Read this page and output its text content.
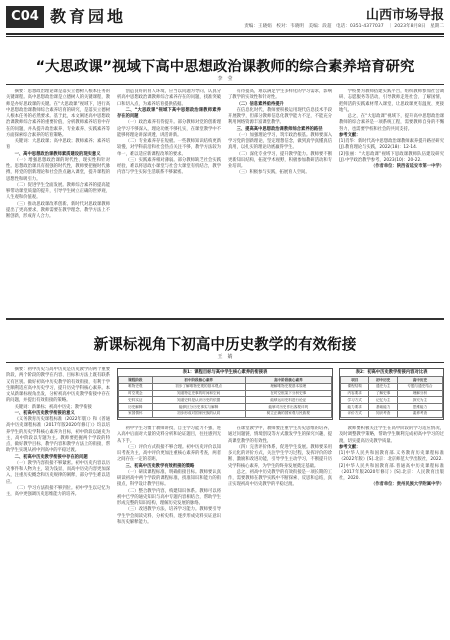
C04 教育园地	山西市场导报
责编：王晓娟　校对：韦晓明　美编：段超　电话：0351-4377037　｜ 2023年8月8日　星期二
“大思政课”视域下高中思想政治课教师的综合素养培育研究
李　莹

摘要：思想政治理论课是落实立德树人根本任务的关键课程。高中思想政治课是立德树人的关键课程，教师是办好思政课的关键。在“大思政课”视域下，进行高中思想政治课教师综合素养培育的研究，是落实立德树人根本任务的必然要求。基于此，本文阐述高中思想政治课教师综合素养的重要价值，分析教师素养培育中存在的问题，并从提升政治素养、专业素养、实践素养等方面探索综合素养的培育策略。

关键词：大思政课；高中思政；教师素养；素养培育

一、高中思想政治课教师素质建设的现实意义

（一）增强思想政治课的时代性、现实性和针对性。思想政治课具有很强的时代性，教师要把握时代脉搏，将党的创新理论和社会热点融入课堂，提升课程的思想性和吸引力。

（二）促进学生全面发展。教师综合素养的提高能够带动课堂质量的提升，引导学生树立正确的世界观、人生观和价值观。

（三）推动思政课改革创新。新时代对思政课教师提出了更高要求，教师需要在教学理念、教学方法上不断创新，形成育人合力。

创造良好的育人环境，应当以问题为导向，认真分析高中思想政治课教师综合素养存在的问题，找准突破口和切入点，为素养培育提供依据。

二、“大思政课”视域下高中思想政治课教师素养存在的问题

（一）政治素养有待提升。部分教师对党的创新理论学习不够深入，理论功底不够扎实，在课堂教学中不能够将理论讲深讲透、讲活讲新。

（二）专业素养存在短板。一些教师知识结构更新较慢，对学科前沿和社会热点关注不够，教学方法较为单一，难以适应新课程改革的要求。

（三）实践素养相对薄弱。部分教师缺乏社会实践经验，难以将思政小课堂与社会大课堂有机结合，教学内容与学生实际生活联系不够紧密。

有待提高，难以满足学生多样化的学习需求，影响了教学的实效性和针对性。

（二）信息素养亟待提升

在信息化时代，教师要积极运用现代信息技术手段开展教学，但部分教师信息化教学能力不足，不能充分利用网络资源丰富课堂教学。

三、提高高中思想政治课教师综合素养的路径

（一）加强理论学习，筑牢政治根基。教师要深入学习党的创新理论，坚定理想信念，做到真学真懂真信真用，以扎实的理论功底赢得学生。

（二）深化专业学习，提升教学能力。教师要不断更新知识结构，拓宽学术视野，积极参加教研活动和专业培训。

（三）积极参与实践，拓展育人空间。

学校要为教师搭建实践平台，组织教师参加社会调研、志愿服务等活动，引导教师走进社会、了解国情，把鲜活的实践素材带入课堂，让思政课更有温度、更接地气。

总之，在“大思政课”视域下，提升高中思想政治课教师的综合素养是一项系统工程，需要教师自身的不懈努力，也需要学校和社会的共同支持。

参考文献：

[1]肖华：新时代高中思想政治课教师素养提升路径研究[J].教育理论与实践，2022(18)：12-14.

[2]张丽：“大思政课”视域下思政课教师队伍建设研究[J].中学政治教学参考，2023(10)：20-22.

（作者单位：陕西省延安市第一中学）

新课标视角下初高中历史教学的有效衔接
王　婧

摘要：初中历史与高中历史是历史教学的两个重要阶段，两个阶段的教学在内容、目标和方法上既有联系又有区别。做好初高中历史教学的有效衔接，有利于学生顺利适应高中历史学习，提升历史学科核心素养。本文从新课标视角出发，分析初高中历史教学衔接中存在的问题，并提出有效衔接的策略。

关键词：新课标；初高中历史；教学衔接

一、初高中历史教学衔接的意义

《义务教育历史课程标准（2022年版）》和《普通高中历史课程标准（2017年版2020年修订）》均以培养学生的历史学科核心素养为目标，初中阶段以通史为主，高中阶段以专题为主。教师要把握两个学段的特点，做好教学目标、教学内容和教学方法上的衔接，帮助学生实现从初中到高中的平稳过渡。

二、初高中历史教学衔接中存在的问题

（一）教学内容衔接不够紧密。初中历史内容以历史事件和人物为主，较为浅显，而高中历史内容更加深入，注重历史概念和历史规律的阐释，部分学生难以适应。

（二）学习方法衔接不够到位。初中学生以记忆为主，高中更强调历史思维能力的培养。

表1：课程目标与高中学生核心素养的衔接表
课程阶段	初中阶段核心素养	高中阶段核心素养
唯物史观	初步了解唯物史观的基本观点	理解唯物史观基本原理
时空观念	知道特定史事的时间和空间	在时空框架下分析史事
史料实证	知道史料是认识历史的依据	能够运用史料进行论证
历史解释	能够区分历史事实与解释	能够对历史作出客观评判
家国情怀	初步形成对国家民族的认同	树立正确的国家观与民族观
表2：初高中历史教学衔接内容对比表
项目	初中历史	高中历史
课程结构	通史为主	专题与通史结合
内容要求	了解史事	理解分析
学习方式	记忆为主	探究为主
能力要求	基础能力	思维能力
评价方式	知识考查	素养考查

初中学生习惯于教师讲授，自主学习能力不强，进入高中后面对大量的史料分析和论证题目，往往感到无从下手。

（三）评价方式衔接不够合理。初中历史评价以知识考查为主，高中评价更加注重核心素养的考查，两者之间存在一定的差距。

三、初高中历史教学有效衔接的策略

（一）研读课程标准，明确衔接目标。教师要认真研读初高中两个学段的课程标准，找准知识和能力的衔接点，科学设计教学目标。

（二）整合教学内容，构建知识体系。教师可以将初中已学的通史知识与高中专题内容相结合，帮助学生形成完整的知识结构，理解历史发展的脉络。

（三）改进教学方法，培养学习能力。教师要引导学生学会阅读史料、分析史料，逐步形成史料实证意识和历史解释能力。

在课堂教学中，教师要注重学生历史思维的培养，通过问题链、情境创设等方式激发学生的探究兴趣，提高课堂教学的有效性。

（四）完善评价体系，促进学生发展。教师要采用多元化的评价方式，关注学生学习过程，发挥评价的诊断、激励和改进功能，引导学生主动学习，不断提升历史学科核心素养，为学生的终身发展奠定基础。

总之，初高中历史教学的有效衔接是一项长期的工作，需要教师在教学实践中不断探索、反思和总结，真正实现初高中历史教学的平稳过渡。

教师要积极关注学生在高中阶段的学习适应情况，及时调整教学策略，帮助学生顺利完成初高中学习的过渡，切实提高历史教学质量。

参考文献：

[1]中华人民共和国教育部.义务教育历史课程标准（2022年版）[S].北京：北京师范大学出版社，2022.

[2]中华人民共和国教育部.普通高中历史课程标准（2017年版2020年修订）[S].北京：人民教育出版社，2020.

（作者单位：贵州民族大学附属中学）
